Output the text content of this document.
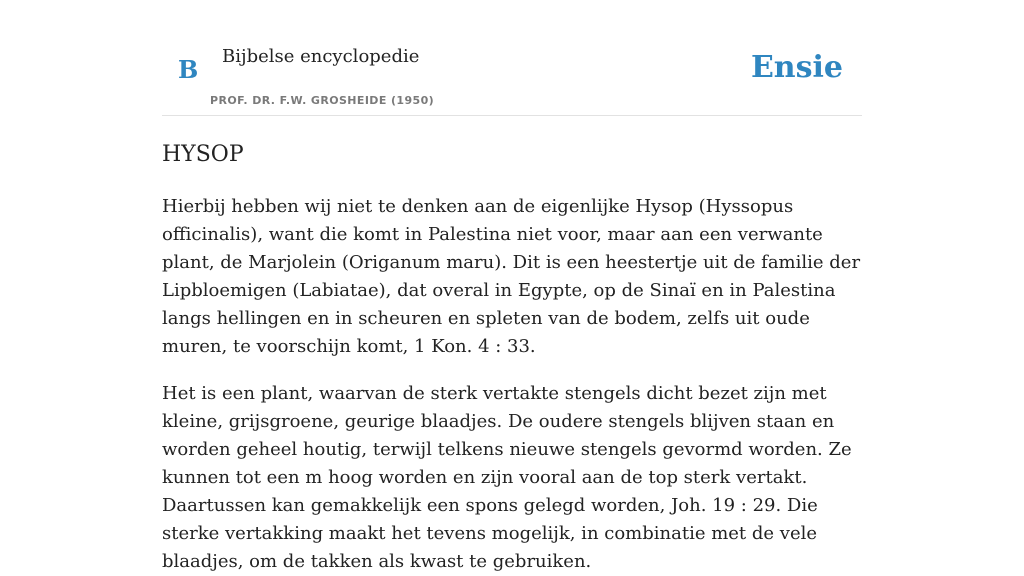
B Bijbelse encyclopedie
PROF. DR. F.W. GROSHEIDE (1950)
Ensie
HYSOP

Hierbij hebben wij niet te denken aan de eigenlijke Hysop (Hyssopus officinalis), want die komt in Palestina niet voor, maar aan een verwante plant, de Marjolein (Origanum maru). Dit is een heestertje uit de familie der Lipbloemigen (Labiatae), dat overal in Egypte, op de Sinaï en in Palestina langs hellingen en in scheuren en spleten van de bodem, zelfs uit oude muren, te voorschijn komt, 1 Kon. 4 : 33.

Het is een plant, waarvan de sterk vertakte stengels dicht bezet zijn met kleine, grijsgroene, geurige blaadjes. De oudere stengels blijven staan en worden geheel houtig, terwijl telkens nieuwe stengels gevormd worden. Ze kunnen tot een m hoog worden en zijn vooral aan de top sterk vertakt. Daartussen kan gemakkelijk een spons gelegd worden, Joh. 19 : 29. Die sterke vertakking maakt het tevens mogelijk, in combinatie met de vele blaadjes, om de takken als kwast te gebruiken.
